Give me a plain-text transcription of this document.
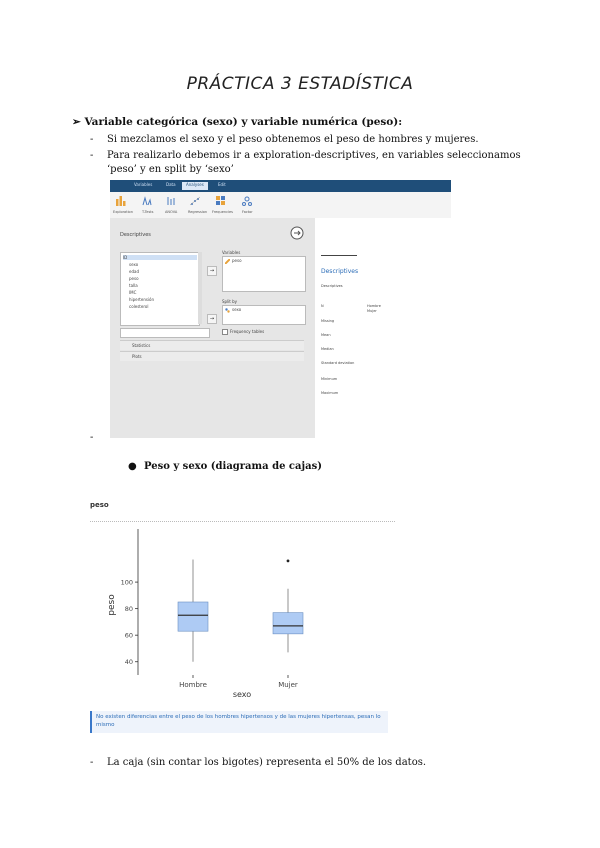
PRÁCTICA 3 ESTADÍSTICA
➢ Variable categórica (sexo) y variable numérica (peso):
- Si mezclamos el sexo y el peso obtenemos el peso de hombres y mujeres.
- Para realizarlo debemos ir a exploration-descriptives, en variables seleccionamos ‘peso’ y en split by ‘sexo’
Variables	Data	Analyses	Edit
Exploration	T-Tests	ANOVA	Regression Frequencies	Factor
Descriptives
ID
sexo
edad
peso
talla
IMC
hipertensión
colesterol
→
→
Variables
peso
Split by
sexo
Frequency tables
Statistics
Plots
Descriptives
Descriptives
N
Missing
Mean
Median
Standard deviation
Minimum
Maximum
Hombre
Mujer
-
● Peso y sexo (diagrama de cajas)
peso
40
60
80
100
Hombre	Mujer
peso
sexo
No existen diferencias entre el peso de los hombres hipertensos y de las mujeres hipertensas, pesan lo mismo
- La caja (sin contar los bigotes) representa el 50% de los datos.
